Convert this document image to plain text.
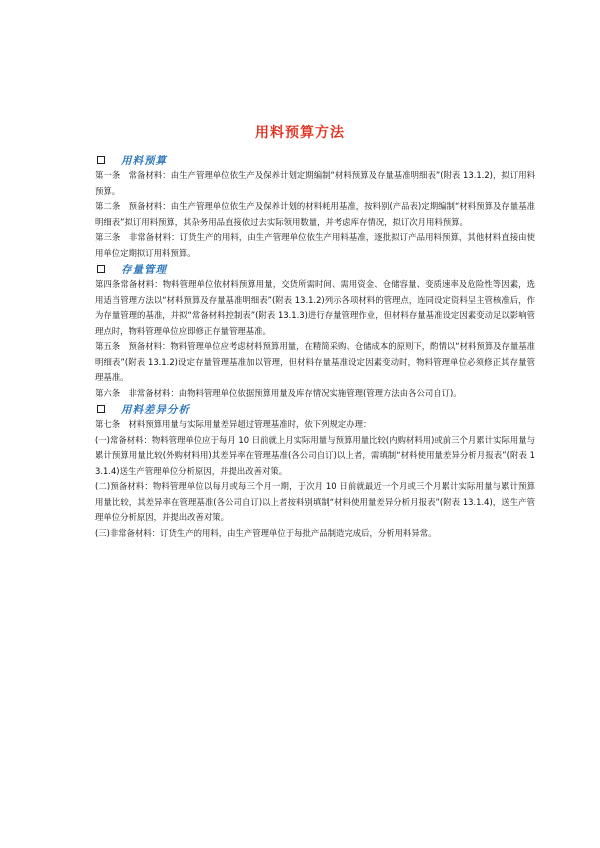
用料预算方法
用料预算

第一条　常备材料：由生产管理单位依生产及保养计划定期编制“材料预算及存量基准明细表”(附表 13.1.2)，拟订用料预算。

第二条　预备材料：由生产管理单位依生产及保养计划的材料耗用基准，按料别(产品表)定期编制“材料预算及存量基准明细表”拟订用料预算，其杂务用品直接依过去实际领用数量，并考虑库存情况，拟订次月用料预算。

第三条　非常备材料：订货生产的用料，由生产管理单位依生产用料基准，逐批拟订产品用料预算，其他材料直接由使用单位定期拟订用料预算。

存量管理

第四条常备材料：物料管理单位依材料预算用量，交货所需时间、需用资金、仓储容量、变质速率及危险性等因素，选用适当管理方法以“材料预算及存量基准明细表”(附表 13.1.2)列示各项材料的管理点，连同设定资料呈主管核准后，作为存量管理的基准，并拟“常备材料控制表”(附表 13.1.3)进行存量管理作业，但材料存量基准设定因素变动足以影响管理点时，物料管理单位应即修正存量管理基准。

第五条　预备材料：物料管理单位应考虑材料预算用量，在精简采购、仓储成本的原则下，酌情以“材料预算及存量基准明细表”(附表 13.1.2)设定存量管理基准加以管理，但材料存量基准设定因素变动时，物料管理单位必须修正其存量管理基准。

第六条　非常备材料：由物料管理单位依据预算用量及库存情况实施管理(管理方法由各公司自订)。

用料差异分析

第七条　材料预算用量与实际用量差异超过管理基准时，依下列规定办理：

(一)常备材料：物料管理单位应于每月 10 日前就上月实际用量与预算用量比较(内购材料用)或前三个月累计实际用量与累计预算用量比较(外购材料用)其差异率在管理基准(各公司自订)以上者，需填制“材料使用量差异分析月报表”(附表 13.1.4)送生产管理单位分析原因，并提出改善对策。

(二)预备材料：物料管理单位以每月或每三个月一期，于次月 10 日前就最近一个月或三个月累计实际用量与累计预算用量比较，其差异率在管理基准(各公司自订)以上者按料别填制“材料使用量差异分析月报表”(附表 13.1.4)，送生产管理单位分析原因，并提出改善对策。

(三)非常备材料：订货生产的用料，由生产管理单位于每批产品制造完成后，分析用料异常。
